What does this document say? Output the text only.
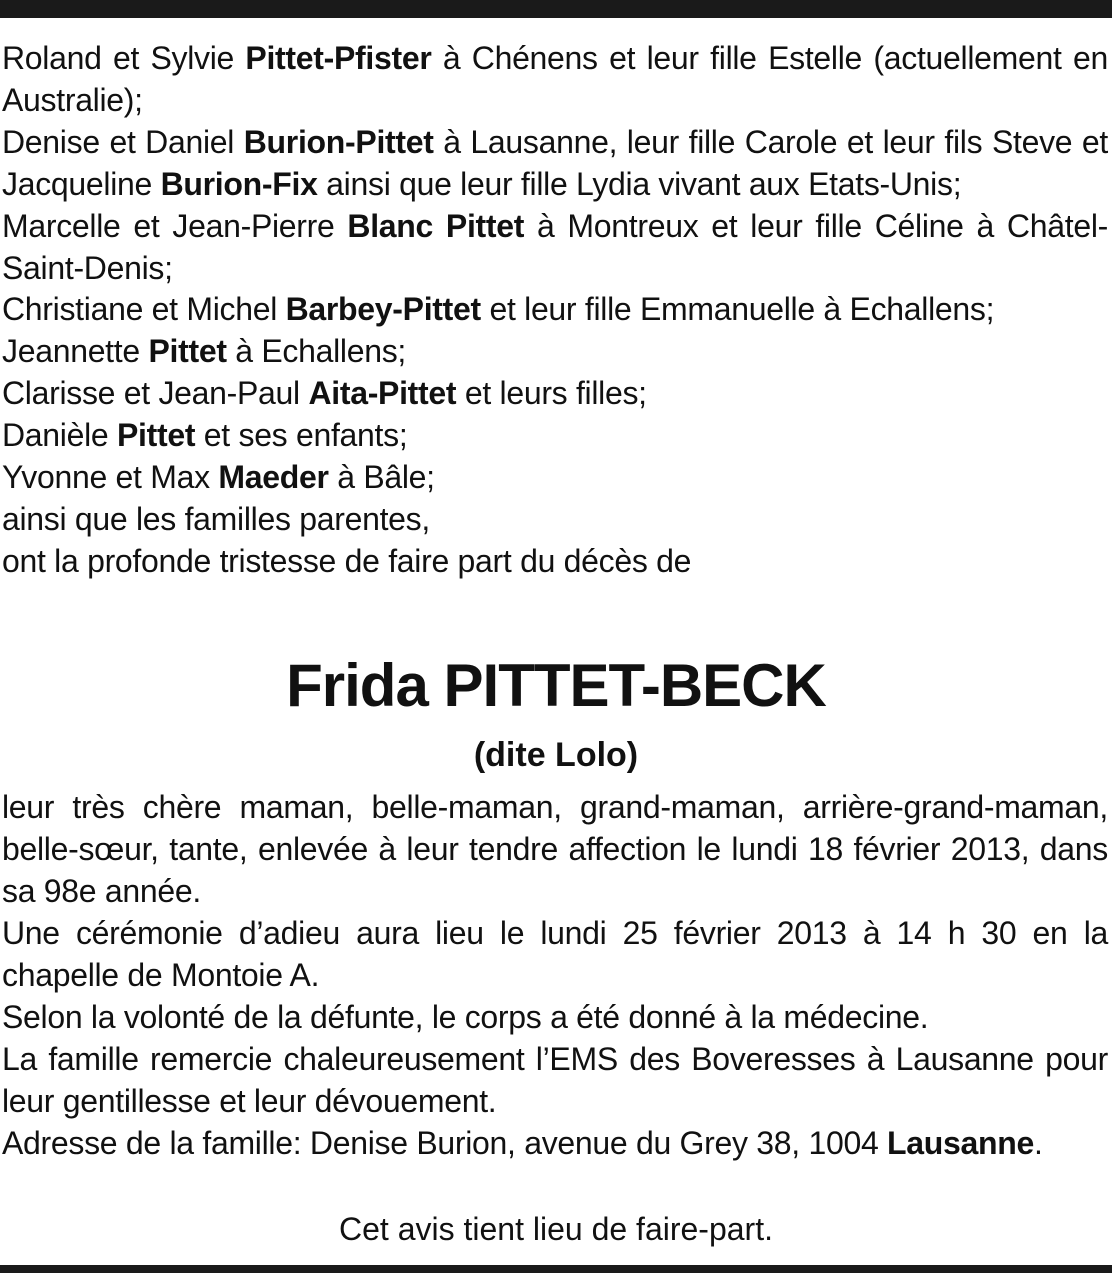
Roland et Sylvie Pittet-Pfister à Chénens et leur fille Estelle (actuellement en Australie);

Denise et Daniel Burion-Pittet à Lausanne, leur fille Carole et leur fils Steve et Jacqueline Burion-Fix ainsi que leur fille Lydia vivant aux Etats-Unis;

Marcelle et Jean-Pierre Blanc Pittet à Montreux et leur fille Céline à Châtel-Saint-Denis;

Christiane et Michel Barbey-Pittet et leur fille Emmanuelle à Echallens;

Jeannette Pittet à Echallens;

Clarisse et Jean-Paul Aita-Pittet et leurs filles;

Danièle Pittet et ses enfants;

Yvonne et Max Maeder à Bâle;

ainsi que les familles parentes,

ont la profonde tristesse de faire part du décès de

Frida PITTET-BECK
(dite Lolo)

leur très chère maman, belle-maman, grand-maman, arrière-grand-maman, belle-sœur, tante, enlevée à leur tendre affection le lundi 18 février 2013, dans sa 98e année.

Une cérémonie d’adieu aura lieu le lundi 25 février 2013 à 14 h 30 en la chapelle de Montoie A.

Selon la volonté de la défunte, le corps a été donné à la médecine.

La famille remercie chaleureusement l’EMS des Boveresses à Lausanne pour leur gentillesse et leur dévouement.

Adresse de la famille: Denise Burion, avenue du Grey 38, 1004 Lausanne.

Cet avis tient lieu de faire-part.
